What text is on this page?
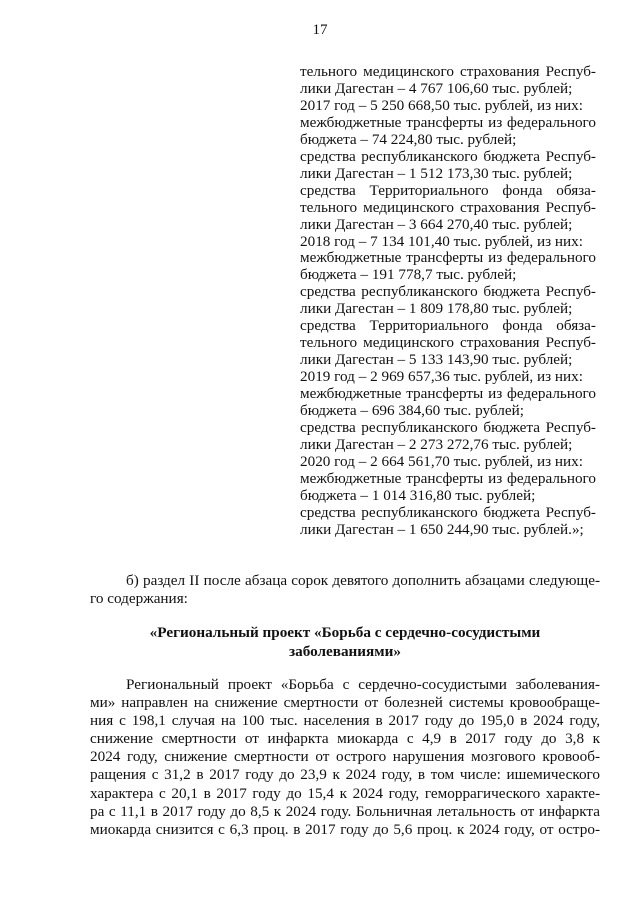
17
тельного медицинского страхования Респуб-
лики Дагестан – 4 767 106,60 тыс. рублей;
2017 год – 5 250 668,50 тыс. рублей, из них:
межбюджетные трансферты из федерального
бюджета – 74 224,80 тыс. рублей;
средства республиканского бюджета Респуб-
лики Дагестан – 1 512 173,30 тыс. рублей;
средства Территориального фонда обяза-
тельного медицинского страхования Респуб-
лики Дагестан – 3 664 270,40 тыс. рублей;
2018 год – 7 134 101,40 тыс. рублей, из них:
межбюджетные трансферты из федерального
бюджета – 191 778,7 тыс. рублей;
средства республиканского бюджета Респуб-
лики Дагестан – 1 809 178,80 тыс. рублей;
средства Территориального фонда обяза-
тельного медицинского страхования Респуб-
лики Дагестан – 5 133 143,90 тыс. рублей;
2019 год – 2 969 657,36 тыс. рублей, из них:
межбюджетные трансферты из федерального
бюджета – 696 384,60 тыс. рублей;
средства республиканского бюджета Респуб-
лики Дагестан – 2 273 272,76 тыс. рублей;
2020 год – 2 664 561,70 тыс. рублей, из них:
межбюджетные трансферты из федерального
бюджета – 1 014 316,80 тыс. рублей;
средства республиканского бюджета Респуб-
лики Дагестан – 1 650 244,90 тыс. рублей.»;
б) раздел II после абзаца сорок девятого дополнить абзацами следующе-
го содержания:
«Региональный проект «Борьба с сердечно-сосудистыми
заболеваниями»
Региональный проект «Борьба с сердечно-сосудистыми заболевания-
ми» направлен на снижение смертности от болезней системы кровообраще-
ния с 198,1 случая на 100 тыс. населения в 2017 году до 195,0 в 2024 году,
снижение смертности от инфаркта миокарда с 4,9 в 2017 году до 3,8 к
2024 году, снижение смертности от острого нарушения мозгового кровооб-
ращения с 31,2 в 2017 году до 23,9 к 2024 году, в том числе: ишемического
характера с 20,1 в 2017 году до 15,4 к 2024 году, геморрагического характе-
ра с 11,1 в 2017 году до 8,5 к 2024 году. Больничная летальность от инфаркта
миокарда снизится с 6,3 проц. в 2017 году до 5,6 проц. к 2024 году, от остро-
